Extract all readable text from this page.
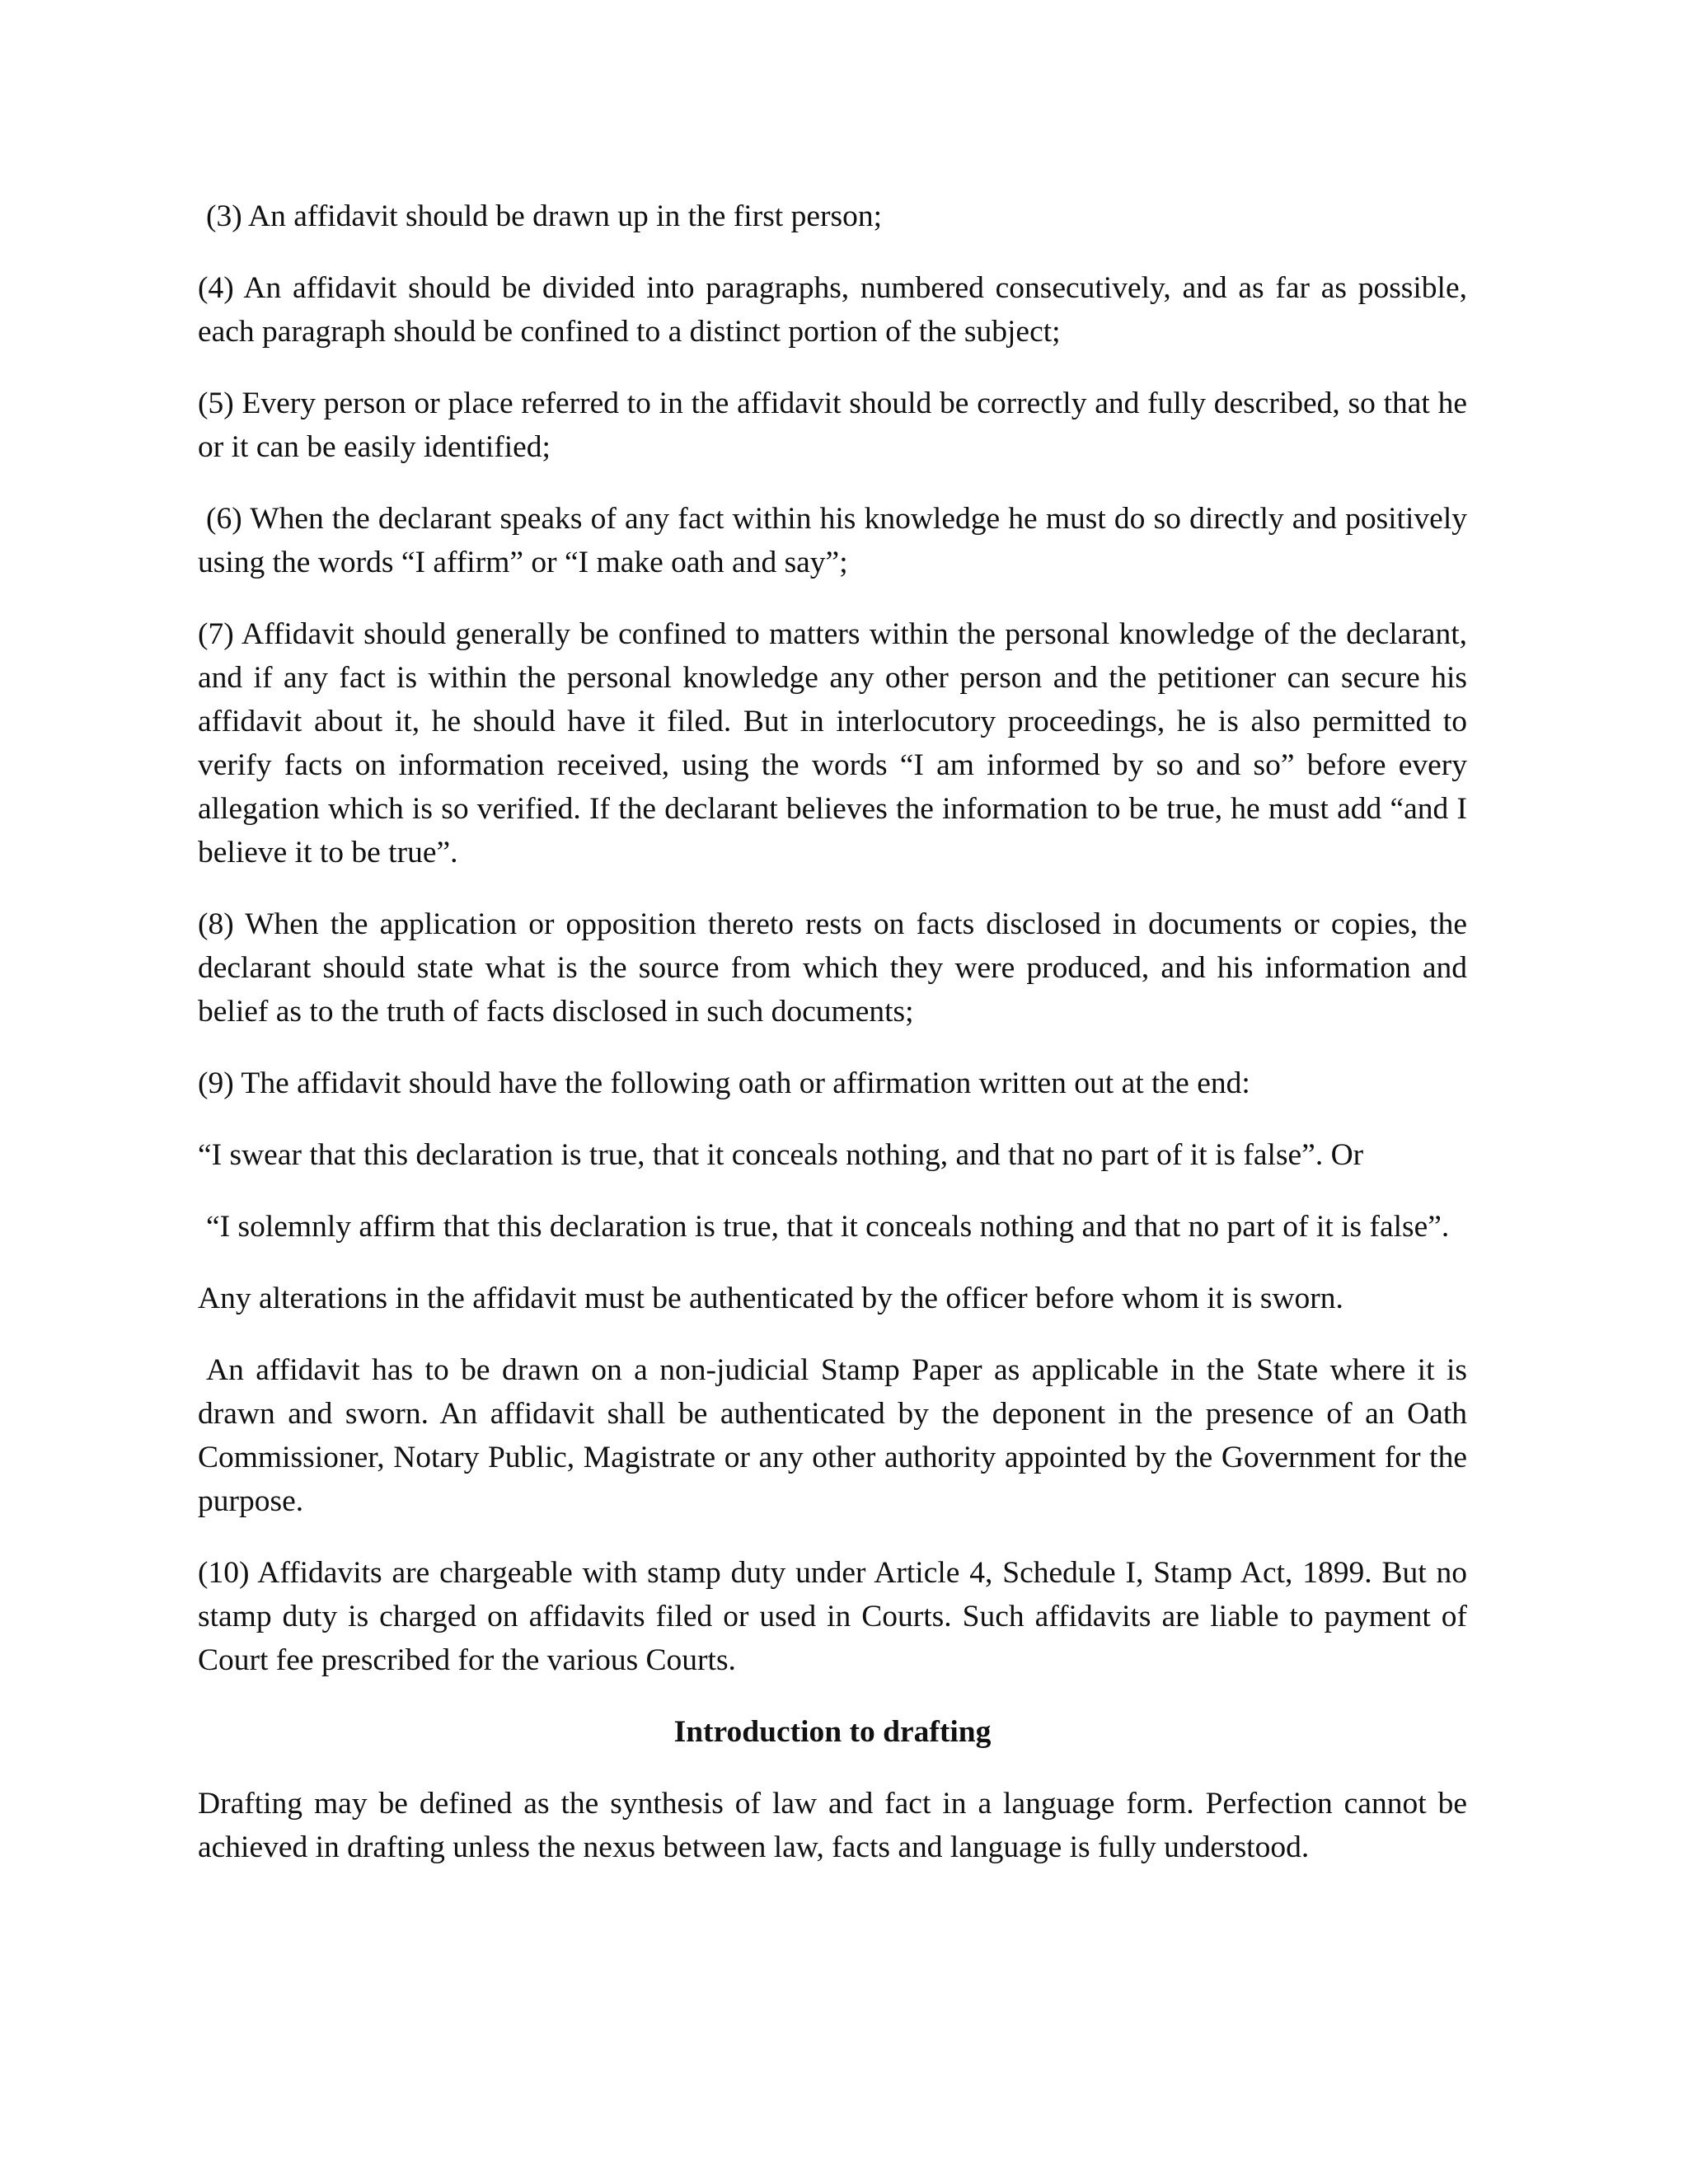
(3) An affidavit should be drawn up in the first person;

(4) An affidavit should be divided into paragraphs, numbered consecutively, and as far as possible, each paragraph should be confined to a distinct portion of the subject;

(5) Every person or place referred to in the affidavit should be correctly and fully described, so that he or it can be easily identified;

(6) When the declarant speaks of any fact within his knowledge he must do so directly and positively using the words “I affirm” or “I make oath and say”;

(7) Affidavit should generally be confined to matters within the personal knowledge of the declarant, and if any fact is within the personal knowledge any other person and the petitioner can secure his affidavit about it, he should have it filed. But in interlocutory proceedings, he is also permitted to verify facts on information received, using the words “I am informed by so and so” before every allegation which is so verified. If the declarant believes the information to be true, he must add “and I believe it to be true”.

(8) When the application or opposition thereto rests on facts disclosed in documents or copies, the declarant should state what is the source from which they were produced, and his information and belief as to the truth of facts disclosed in such documents;

(9) The affidavit should have the following oath or affirmation written out at the end:

“I swear that this declaration is true, that it conceals nothing, and that no part of it is false”. Or

“I solemnly affirm that this declaration is true, that it conceals nothing and that no part of it is false”.

Any alterations in the affidavit must be authenticated by the officer before whom it is sworn.

An affidavit has to be drawn on a non-judicial Stamp Paper as applicable in the State where it is drawn and sworn. An affidavit shall be authenticated by the deponent in the presence of an Oath Commissioner, Notary Public, Magistrate or any other authority appointed by the Government for the purpose.

(10) Affidavits are chargeable with stamp duty under Article 4, Schedule I, Stamp Act, 1899. But no stamp duty is charged on affidavits filed or used in Courts. Such affidavits are liable to payment of Court fee prescribed for the various Courts.

Introduction to drafting

Drafting may be defined as the synthesis of law and fact in a language form. Perfection cannot be achieved in drafting unless the nexus between law, facts and language is fully understood.
